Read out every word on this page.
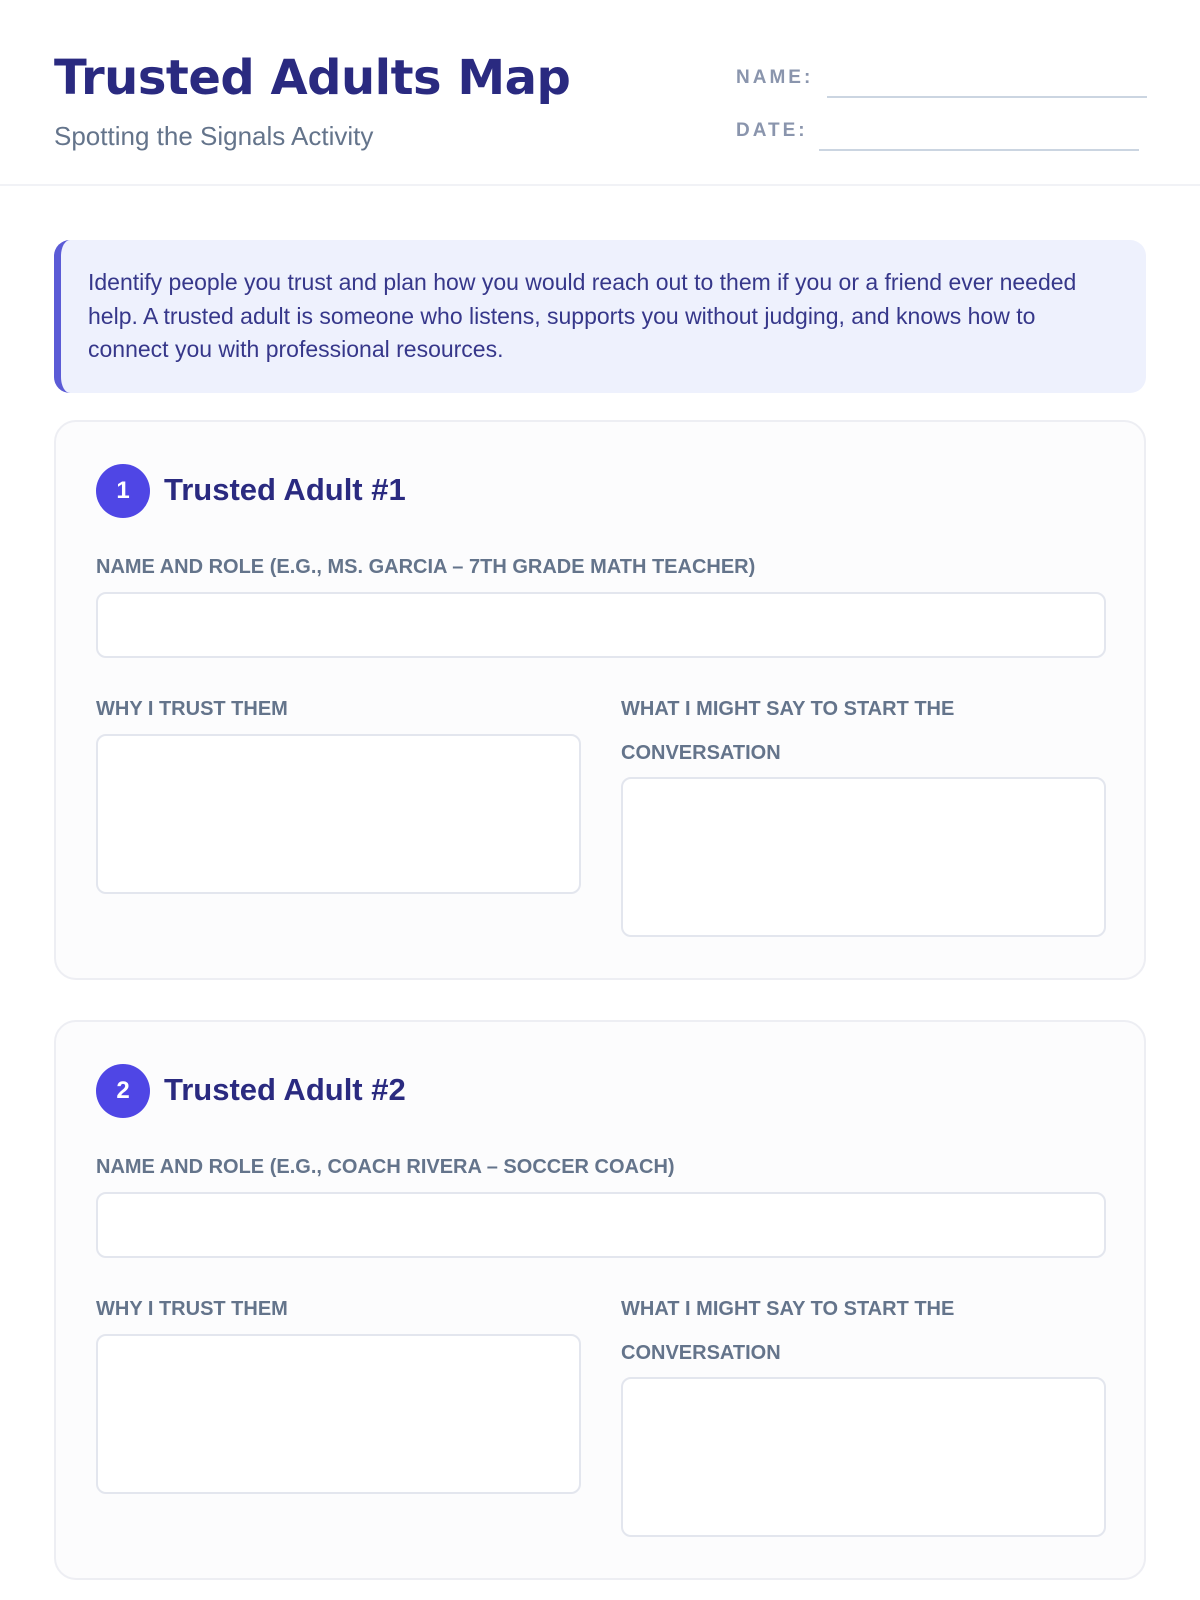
Trusted Adults Map
Spotting the Signals Activity
NAME:
DATE:

Identify people you trust and plan how you would reach out to them if you or a friend ever needed help. A trusted adult is someone who listens, supports you without judging, and knows how to connect you with professional resources.

1	Trusted Adult #1
NAME AND ROLE (E.G., MS. GARCIA – 7TH GRADE MATH TEACHER)
WHY I TRUST THEM	WHAT I MIGHT SAY TO START THE CONVERSATION
2	Trusted Adult #2
NAME AND ROLE (E.G., COACH RIVERA – SOCCER COACH)
WHY I TRUST THEM	WHAT I MIGHT SAY TO START THE CONVERSATION
